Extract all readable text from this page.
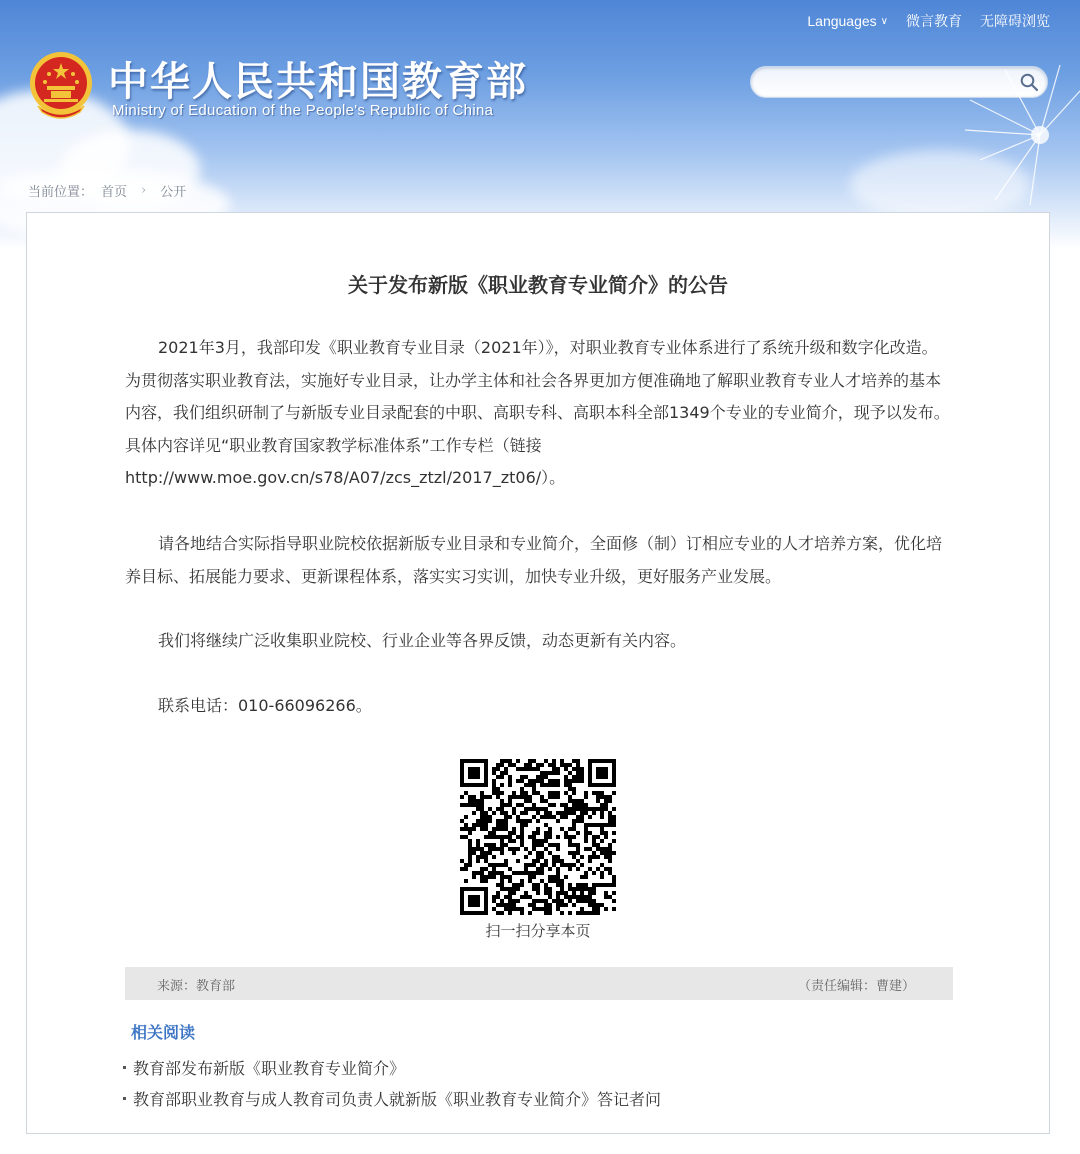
中华人民共和国教育部
Ministry of Education of the People's Republic of China
Languages ∨ 微言教育 无障碍浏览
当前位置： 首页	›	公开
关于发布新版《职业教育专业简介》的公告

2021年3月，我部印发《职业教育专业目录（2021年）》，对职业教育专业体系进行了系统升级和数字化改造。为贯彻落实职业教育法，实施好专业目录，让办学主体和社会各界更加方便准确地了解职业教育专业人才培养的基本内容，我们组织研制了与新版专业目录配套的中职、高职专科、高职本科全部1349个专业的专业简介，现予以发布。具体内容详见“职业教育国家教学标准体系”工作专栏（链接http://www.moe.gov.cn/s78/A07/zcs_ztzl/2017_zt06/）。

请各地结合实际指导职业院校依据新版专业目录和专业简介，全面修（制）订相应专业的人才培养方案，优化培养目标、拓展能力要求、更新课程体系，落实实习实训，加快专业升级，更好服务产业发展。

我们将继续广泛收集职业院校、行业企业等各界反馈，动态更新有关内容。

联系电话：010-66096266。

扫一扫分享本页
来源：教育部	（责任编辑：曹建）
相关阅读
教育部发布新版《职业教育专业简介》
教育部职业教育与成人教育司负责人就新版《职业教育专业简介》答记者问
